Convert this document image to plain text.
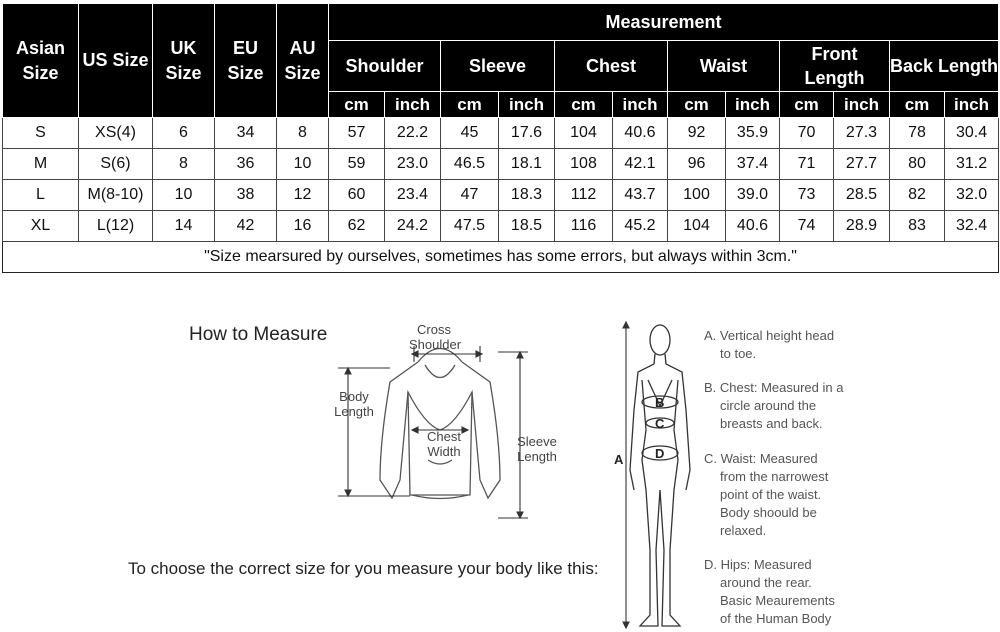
Asian Size	US Size	UK Size	EU Size	AU Size	Measurement											
					Shoulder		Sleeve		Chest		Waist		Front Length		Back Length	
					cm	inch	cm	inch	cm	inch	cm	inch	cm	inch	cm	inch
S	XS(4)	6	34	8	57	22.2	45	17.6	104	40.6	92	35.9	70	27.3	78	30.4
M	S(6)	8	36	10	59	23.0	46.5	18.1	108	42.1	96	37.4	71	27.7	80	31.2
L	M(8-10)	10	38	12	60	23.4	47	18.3	112	43.7	100	39.0	73	28.5	82	32.0
XL	L(12)	14	42	16	62	24.2	47.5	18.5	116	45.2	104	40.6	74	28.9	83	32.4
"Size mearsured by ourselves, sometimes has some errors, but always within 3cm."																
How to Measure	Cross Shoulder
Body Length
Chest Width
Sleeve Length
To choose the correct size for you measure your body like this:
A
B
C
D
A. Vertical height head
to toe.
B. Chest: Measured in a
circle around the
breasts and back.
C. Waist: Measured
from the narrowest
point of the waist.
Body shoould be
relaxed.
D. Hips: Measured
around the rear.
Basic Meaurements
of the Human Body
